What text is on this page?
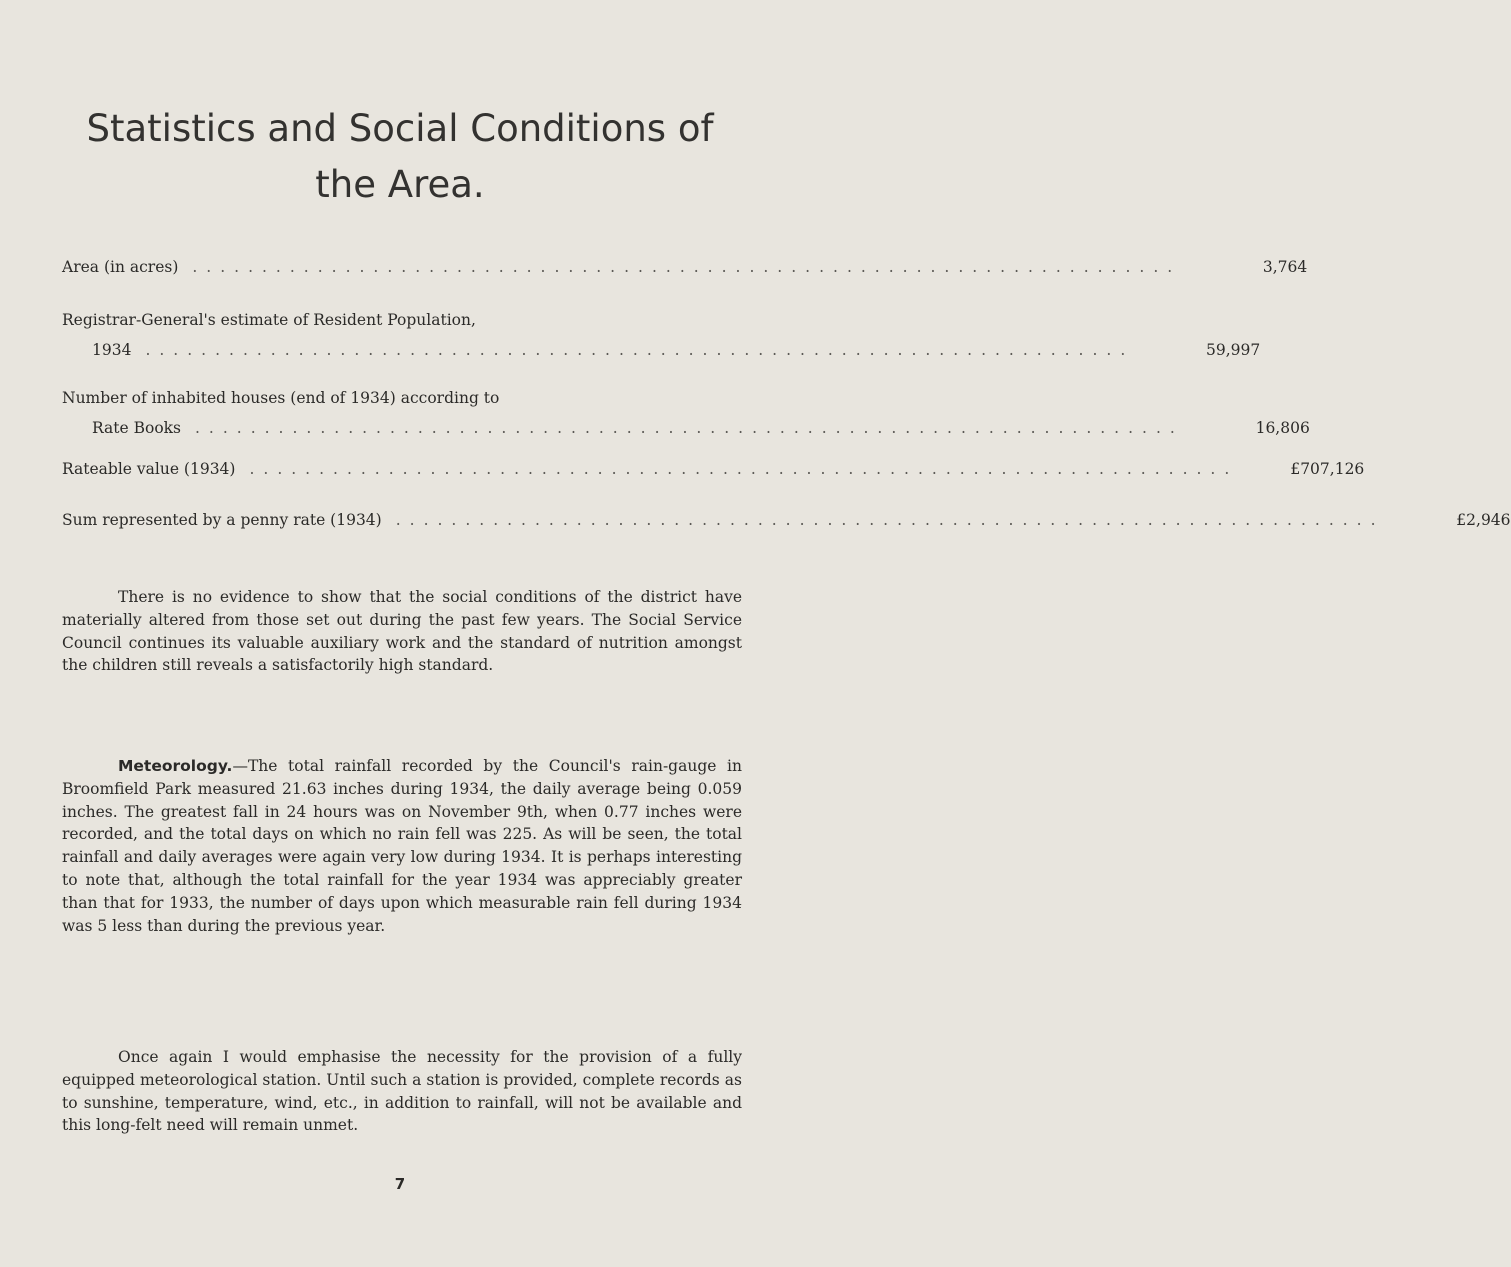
Statistics and Social Conditions of
the Area.
Area (in acres) .......................................................................	3,764
Registrar-General's estimate of Resident Population,
1934 .......................................................................	59,997
Number of inhabited houses (end of 1934) according to
Rate Books .......................................................................	16,806
Rateable value (1934) .......................................................................	£707,126
Sum represented by a penny rate (1934) .......................................................................	£2,946

There is no evidence to show that the social conditions of the district have materially altered from those set out during the past few years. The Social Service Council continues its valuable auxiliary work and the standard of nutrition amongst the children still reveals a satisfactorily high standard.

Meteorology.—The total rainfall recorded by the Council's rain-gauge in Broomfield Park measured 21.63 inches during 1934, the daily average being 0.059 inches. The greatest fall in 24 hours was on November 9th, when 0.77 inches were recorded, and the total days on which no rain fell was 225. As will be seen, the total rainfall and daily averages were again very low during 1934. It is perhaps interesting to note that, although the total rainfall for the year 1934 was appreciably greater than that for 1933, the number of days upon which measurable rain fell during 1934 was 5 less than during the previous year.

Once again I would emphasise the necessity for the provision of a fully equipped meteorological station. Until such a station is provided, complete records as to sunshine, temperature, wind, etc., in addition to rainfall, will not be available and this long-felt need will remain unmet.

7
